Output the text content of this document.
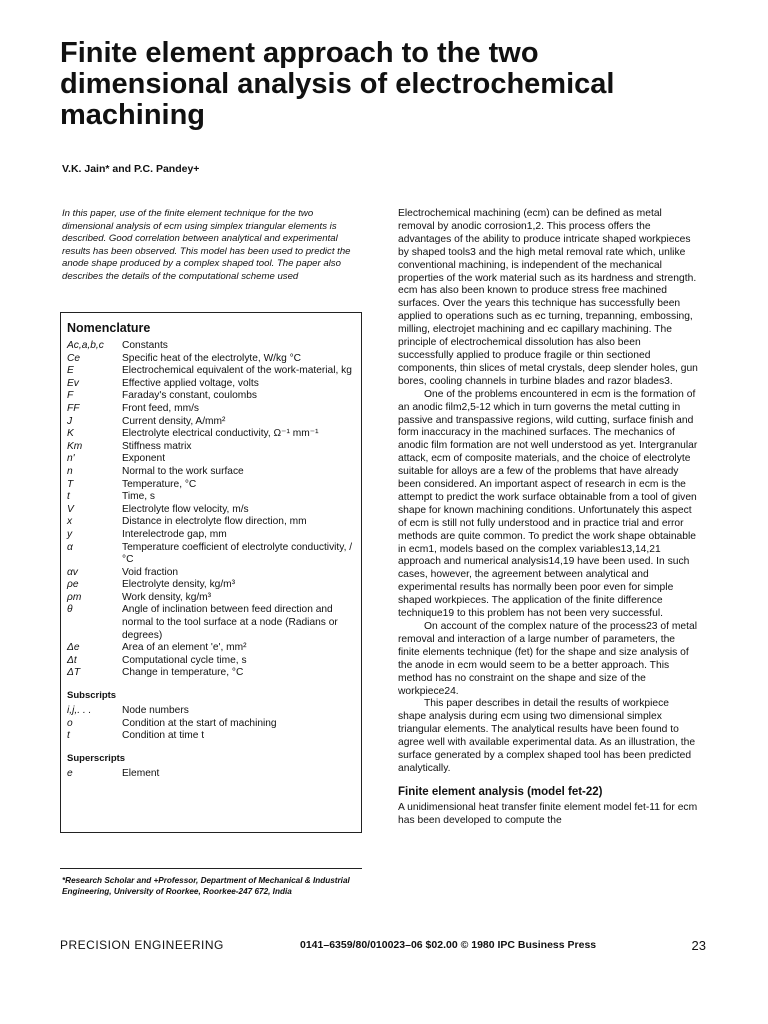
Finite element approach to the two dimensional analysis of electrochemical machining
V.K. Jain* and P.C. Pandey+
In this paper, use of the finite element technique for the two dimensional analysis of ecm using simplex triangular elements is described. Good correlation between analytical and experimental results has been observed. This model has been used to predict the anode shape produced by a complex shaped tool. The paper also describes the details of the computational scheme used
Nomenclature
Ac,a,b,c	Constants
Ce	Specific heat of the electrolyte, W/kg °C
E	Electrochemical equivalent of the work-material, kg
Ev	Effective applied voltage, volts
F	Faraday's constant, coulombs
FF	Front feed, mm/s
J	Current density, A/mm²
K	Electrolyte electrical conductivity, Ω⁻¹ mm⁻¹
Km	Stiffness matrix
n'	Exponent
n	Normal to the work surface
T	Temperature, °C
t	Time, s
V	Electrolyte flow velocity, m/s
x	Distance in electrolyte flow direction, mm
y	Interelectrode gap, mm
α	Temperature coefficient of electrolyte conductivity, /°C
αv	Void fraction
ρe	Electrolyte density, kg/m³
ρm	Work density, kg/m³
θ	Angle of inclination between feed direction and normal to the tool surface at a node (Radians or degrees)
Δe	Area of an element 'e', mm²
Δt	Computational cycle time, s
ΔT	Change in temperature, °C
Subscripts
i,j,. . .	Node numbers
o	Condition at the start of machining
t	Condition at time t
Superscripts
e	Element
*Research Scholar and +Professor, Department of Mechanical & Industrial Engineering, University of Roorkee, Roorkee-247 672, India

Electrochemical machining (ecm) can be defined as metal removal by anodic corrosion1,2. This process offers the advantages of the ability to produce intricate shaped workpieces by shaped tools3 and the high metal removal rate which, unlike conventional machining, is independent of the mechanical properties of the work material such as its hardness and strength. ecm has also been known to produce stress free machined surfaces. Over the years this technique has successfully been applied to operations such as ec turning, trepanning, embossing, milling, electrojet machining and ec capillary machining. The principle of electrochemical dissolution has also been successfully applied to produce fragile or thin sectioned components, thin slices of metal crystals, deep slender holes, gun bores, cooling channels in turbine blades and razor blades3.

One of the problems encountered in ecm is the formation of an anodic film2,5-12 which in turn governs the metal cutting in passive and transpassive regions, wild cutting, surface finish and form inaccuracy in the machined surfaces. The mechanics of anodic film formation are not well understood as yet. Intergranular attack, ecm of composite materials, and the choice of electrolyte suitable for alloys are a few of the problems that have already been considered. An important aspect of research in ecm is the attempt to predict the work surface obtainable from a tool of given shape for known machining conditions. Unfortunately this aspect of ecm is still not fully understood and in practice trial and error methods are quite common. To predict the work shape obtainable in ecm1, models based on the complex variables13,14,21 approach and numerical analysis14,19 have been used. In such cases, however, the agreement between analytical and experimental results has normally been poor even for simple shaped workpieces. The application of the finite difference technique19 to this problem has not been very successful.

On account of the complex nature of the process23 of metal removal and interaction of a large number of parameters, the finite elements technique (fet) for the shape and size analysis of the anode in ecm would seem to be a better approach. This method has no constraint on the shape and size of the workpiece24.

This paper describes in detail the results of workpiece shape analysis during ecm using two dimensional simplex triangular elements. The analytical results have been found to agree well with available experimental data. As an illustration, the surface generated by a complex shaped tool has been predicted analytically.

Finite element analysis (model fet-22)

A unidimensional heat transfer finite element model fet-11 for ecm has been developed to compute the

PRECISION ENGINEERING	0141–6359/80/010023–06 $02.00 © 1980 IPC Business Press	23
